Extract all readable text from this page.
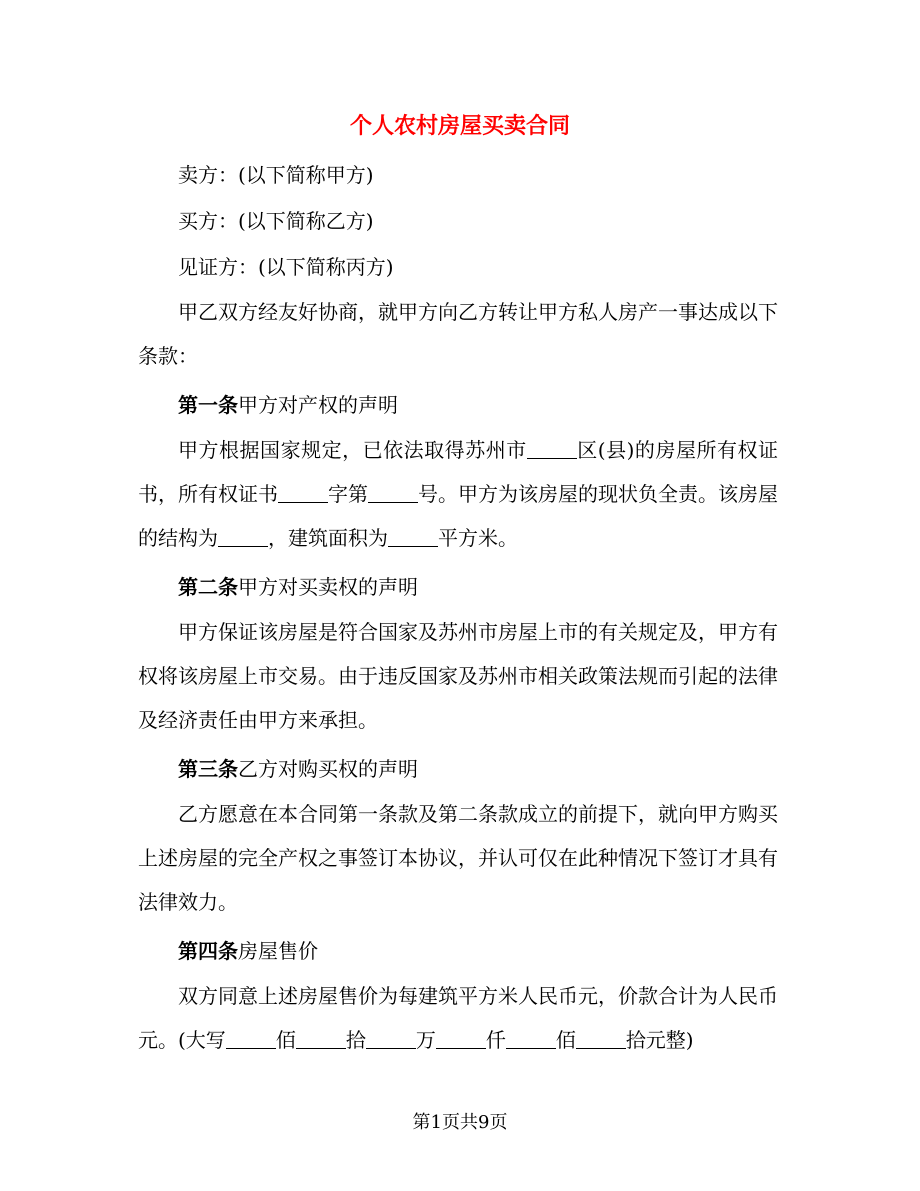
个人农村房屋买卖合同

卖方：(以下简称甲方)

买方：(以下简称乙方)

见证方：(以下简称丙方)

甲乙双方经友好协商，就甲方向乙方转让甲方私人房产一事达成以下条款：

第一条甲方对产权的声明

甲方根据国家规定，已依法取得苏州市	区(县)的房屋所有权证书，所有权证书	字第	号。甲方为该房屋的现状负全责。该房屋的结构为	，建筑面积为	平方米。

第二条甲方对买卖权的声明

甲方保证该房屋是符合国家及苏州市房屋上市的有关规定及，甲方有权将该房屋上市交易。由于违反国家及苏州市相关政策法规而引起的法律及经济责任由甲方来承担。

第三条乙方对购买权的声明

乙方愿意在本合同第一条款及第二条款成立的前提下，就向甲方购买上述房屋的完全产权之事签订本协议，并认可仅在此种情况下签订才具有法律效力。

第四条房屋售价

双方同意上述房屋售价为每建筑平方米人民币元，价款合计为人民币元。(大写	佰	拾	万	仟	佰	拾元整)

第1页共9页
